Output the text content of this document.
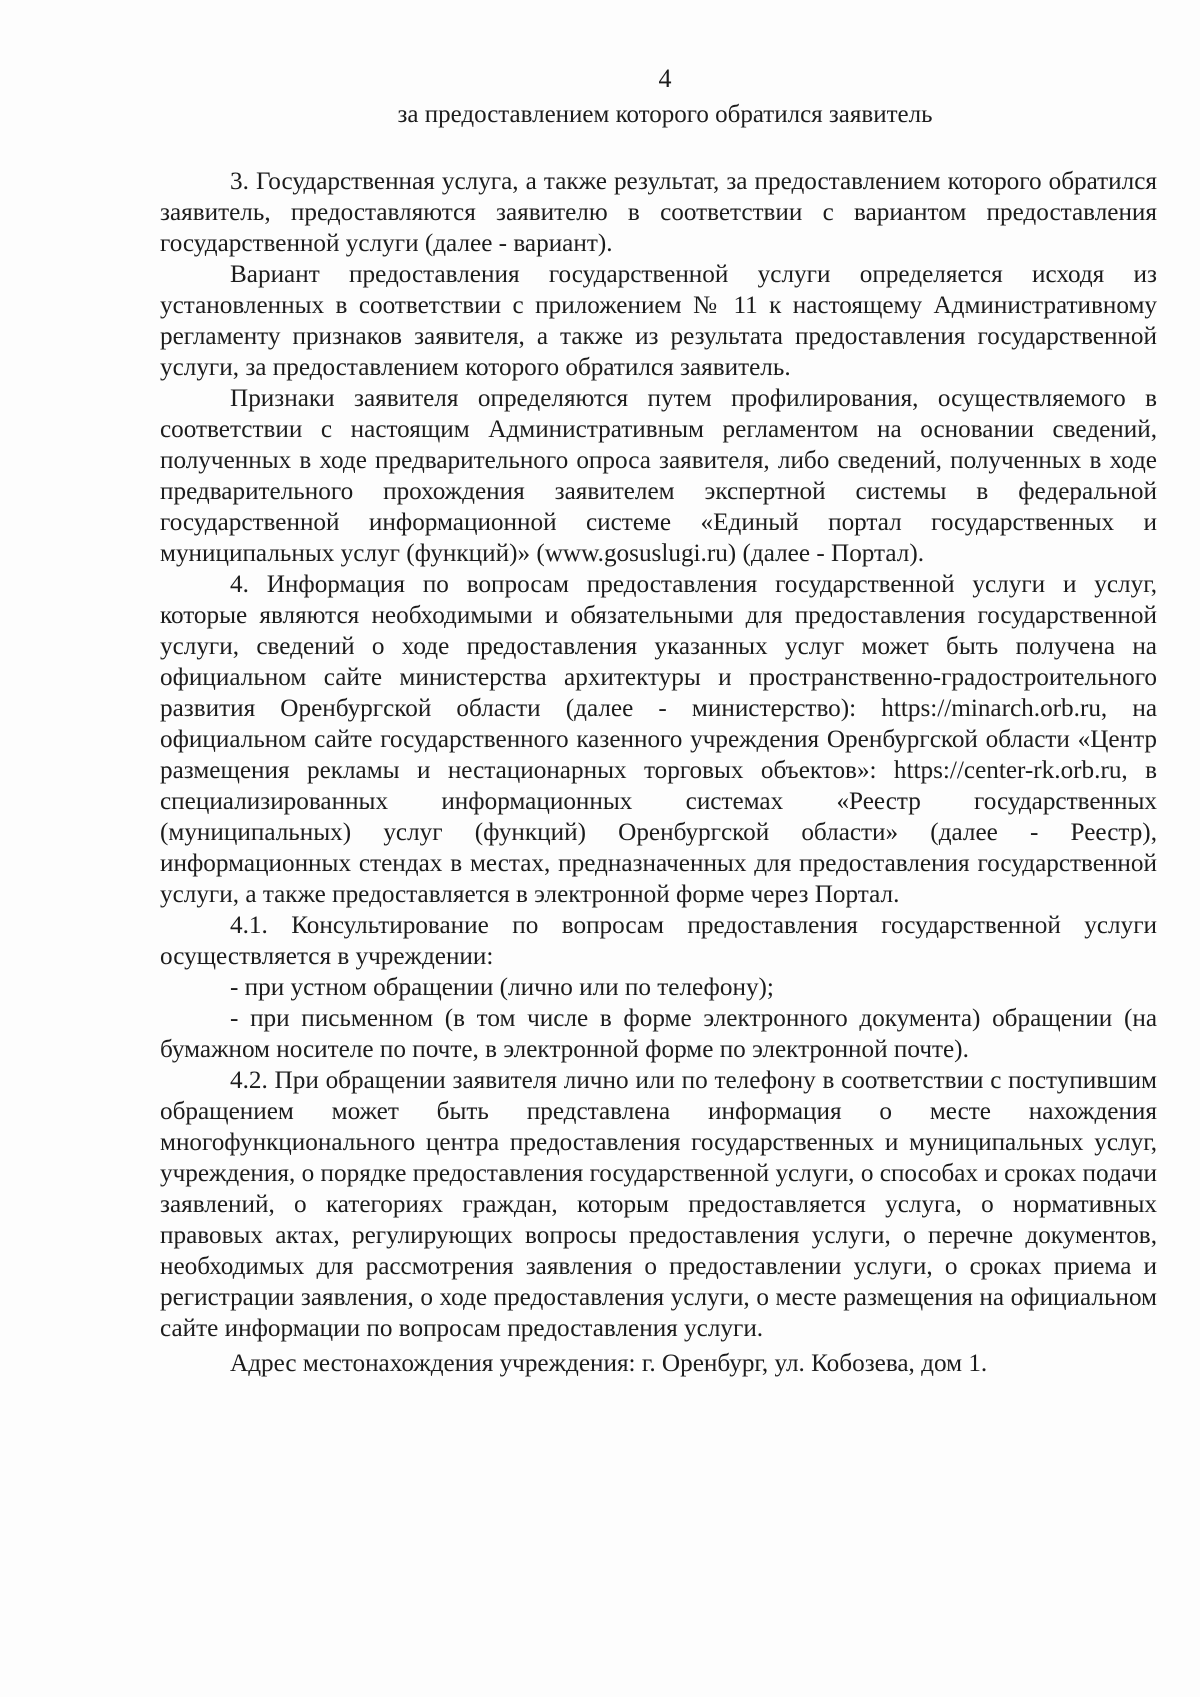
4
за предоставлением которого обратился заявитель

3. Государственная услуга, а также результат, за предоставлением которого обратился заявитель, предоставляются заявителю в соответствии с вариантом предоставления государственной услуги (далее - вариант).

Вариант предоставления государственной услуги определяется исходя из установленных в соответствии с приложением № 11 к настоящему Административному регламенту признаков заявителя, а также из результата предоставления государственной услуги, за предоставлением которого обратился заявитель.

Признаки заявителя определяются путем профилирования, осуществляемого в соответствии с настоящим Административным регламентом на основании сведений, полученных в ходе предварительного опроса заявителя, либо сведений, полученных в ходе предварительного прохождения заявителем экспертной системы в федеральной государственной информационной системе «Единый портал государственных и муниципальных услуг (функций)» (www.gosuslugi.ru) (далее - Портал).

4. Информация по вопросам предоставления государственной услуги и услуг, которые являются необходимыми и обязательными для предоставления государственной услуги, сведений о ходе предоставления указанных услуг может быть получена на официальном сайте министерства архитектуры и пространственно-градостроительного развития Оренбургской области (далее - министерство): https://minarch.orb.ru, на официальном сайте государственного казенного учреждения Оренбургской области «Центр размещения рекламы и нестационарных торговых объектов»: https://center-rk.orb.ru, в специализированных информационных системах «Реестр государственных (муниципальных) услуг (функций) Оренбургской области» (далее - Реестр), информационных стендах в местах, предназначенных для предоставления государственной услуги, а также предоставляется в электронной форме через Портал.

4.1. Консультирование по вопросам предоставления государственной услуги осуществляется в учреждении:

- при устном обращении (лично или по телефону);

- при письменном (в том числе в форме электронного документа) обращении (на бумажном носителе по почте, в электронной форме по электронной почте).

4.2. При обращении заявителя лично или по телефону в соответствии с поступившим обращением может быть представлена информация о месте нахождения многофункционального центра предоставления государственных и муниципальных услуг, учреждения, о порядке предоставления государственной услуги, о способах и сроках подачи заявлений, о категориях граждан, которым предоставляется услуга, о нормативных правовых актах, регулирующих вопросы предоставления услуги, о перечне документов, необходимых для рассмотрения заявления о предоставлении услуги, о сроках приема и регистрации заявления, о ходе предоставления услуги, о месте размещения на официальном сайте информации по вопросам предоставления услуги.

Адрес местонахождения учреждения: г. Оренбург, ул. Кобозева, дом 1.
